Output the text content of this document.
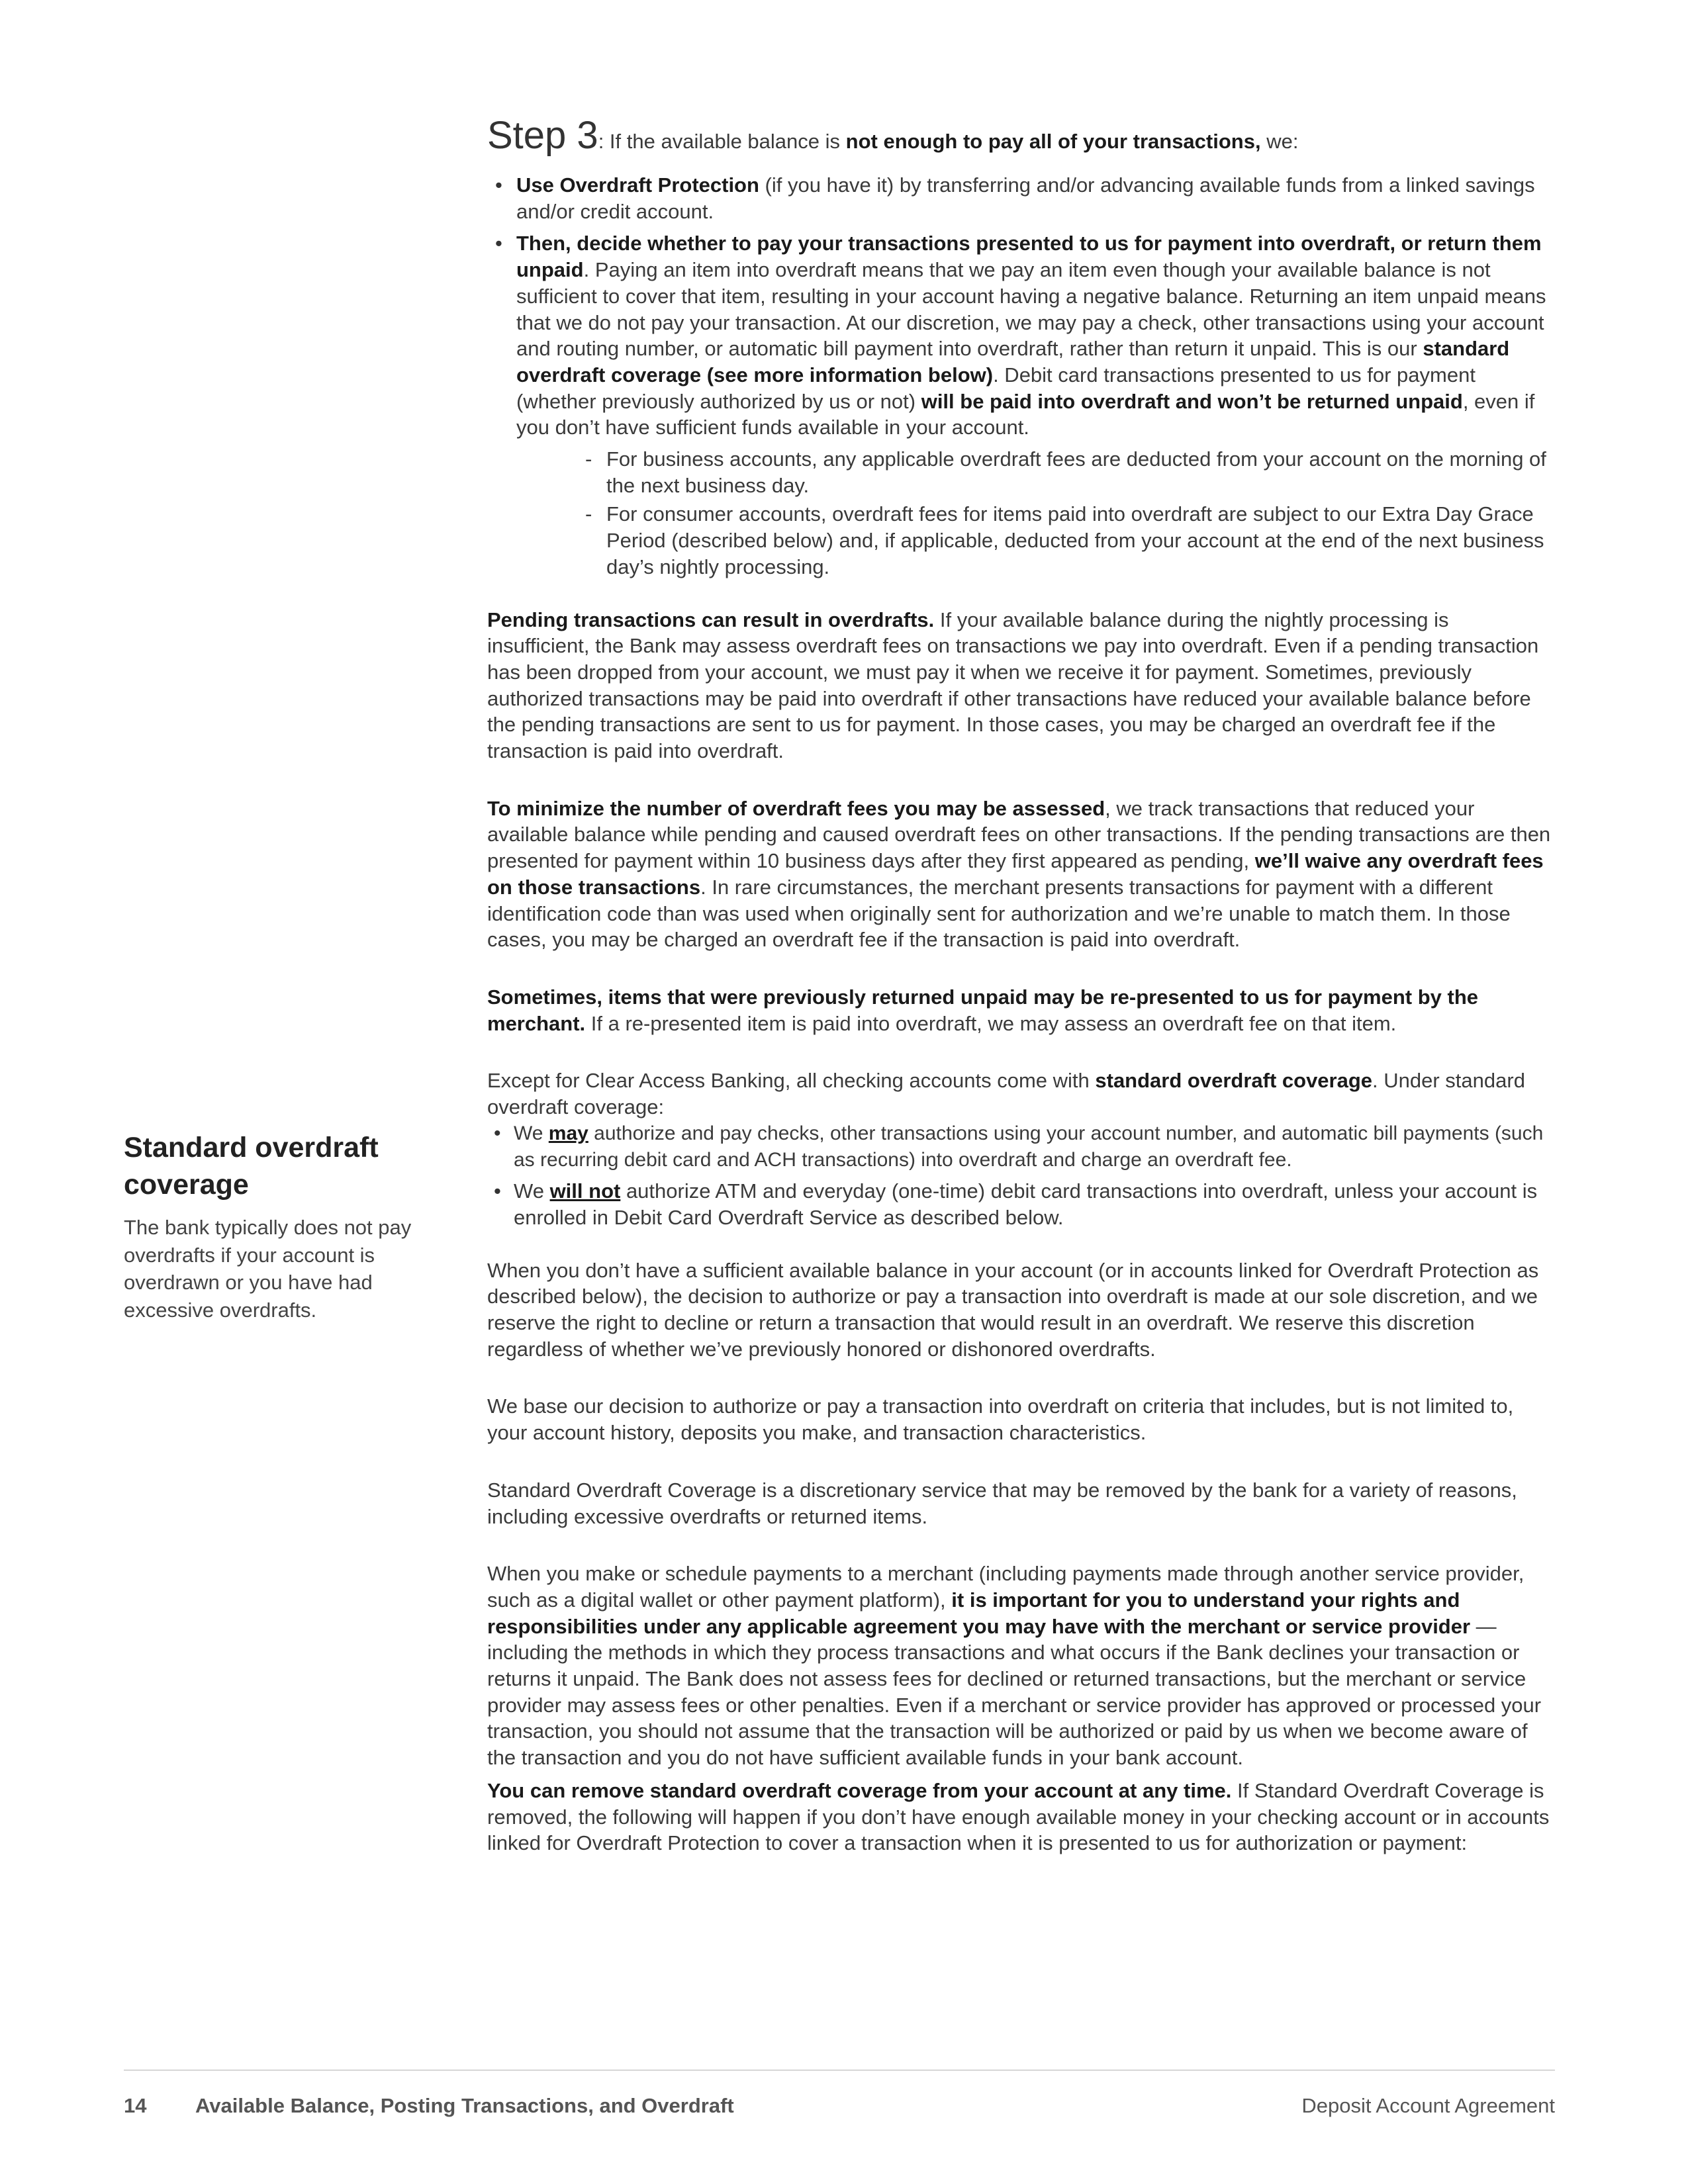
Standard overdraft coverage

The bank typically does not pay overdrafts if your account is overdrawn or you have had excessive overdrafts.

Step 3: If the available balance is not enough to pay all of your transactions, we:

• Use Overdraft Protection (if you have it) by transferring and/or advancing available funds from a linked savings and/or credit account.
• Then, decide whether to pay your transactions presented to us for payment into overdraft, or return them unpaid. Paying an item into overdraft means that we pay an item even though your available balance is not sufficient to cover that item, resulting in your account having a negative balance. Returning an item unpaid means that we do not pay your transaction. At our discretion, we may pay a check, other transactions using your account and routing number, or automatic bill payment into overdraft, rather than return it unpaid. This is our standard overdraft coverage (see more information below). Debit card transactions presented to us for payment (whether previously authorized by us or not) will be paid into overdraft and won’t be returned unpaid, even if you don’t have sufficient funds available in your account.
- For business accounts, any applicable overdraft fees are deducted from your account on the morning of the next business day.
- For consumer accounts, overdraft fees for items paid into overdraft are subject to our Extra Day Grace Period (described below) and, if applicable, deducted from your account at the end of the next business day’s nightly processing.

Pending transactions can result in overdrafts. If your available balance during the nightly processing is insufficient, the Bank may assess overdraft fees on transactions we pay into overdraft. Even if a pending transaction has been dropped from your account, we must pay it when we receive it for payment. Sometimes, previously authorized transactions may be paid into overdraft if other transactions have reduced your available balance before the pending transactions are sent to us for payment. In those cases, you may be charged an overdraft fee if the transaction is paid into overdraft.

To minimize the number of overdraft fees you may be assessed, we track transactions that reduced your available balance while pending and caused overdraft fees on other transactions. If the pending transactions are then presented for payment within 10 business days after they first appeared as pending, we’ll waive any overdraft fees on those transactions. In rare circumstances, the merchant presents transactions for payment with a different identification code than was used when originally sent for authorization and we’re unable to match them. In those cases, you may be charged an overdraft fee if the transaction is paid into overdraft.

Sometimes, items that were previously returned unpaid may be re-presented to us for payment by the merchant. If a re-presented item is paid into overdraft, we may assess an overdraft fee on that item.

Except for Clear Access Banking, all checking accounts come with standard overdraft coverage. Under standard overdraft coverage:

• We may authorize and pay checks, other transactions using your account number, and automatic bill payments (such as recurring debit card and ACH transactions) into overdraft and charge an overdraft fee.
• We will not authorize ATM and everyday (one-time) debit card transactions into overdraft, unless your account is enrolled in Debit Card Overdraft Service as described below.

When you don’t have a sufficient available balance in your account (or in accounts linked for Overdraft Protection as described below), the decision to authorize or pay a transaction into overdraft is made at our sole discretion, and we reserve the right to decline or return a transaction that would result in an overdraft. We reserve this discretion regardless of whether we’ve previously honored or dishonored overdrafts.

We base our decision to authorize or pay a transaction into overdraft on criteria that includes, but is not limited to, your account history, deposits you make, and transaction characteristics.

Standard Overdraft Coverage is a discretionary service that may be removed by the bank for a variety of reasons, including excessive overdrafts or returned items.

When you make or schedule payments to a merchant (including payments made through another service provider, such as a digital wallet or other payment platform), it is important for you to understand your rights and responsibilities under any applicable agreement you may have with the merchant or service provider — including the methods in which they process transactions and what occurs if the Bank declines your transaction or returns it unpaid. The Bank does not assess fees for declined or returned transactions, but the merchant or service provider may assess fees or other penalties. Even if a merchant or service provider has approved or processed your transaction, you should not assume that the transaction will be authorized or paid by us when we become aware of the transaction and you do not have sufficient available funds in your bank account.

You can remove standard overdraft coverage from your account at any time. If Standard Overdraft Coverage is removed, the following will happen if you don’t have enough available money in your checking account or in accounts linked for Overdraft Protection to cover a transaction when it is presented to us for authorization or payment:

14 Available Balance, Posting Transactions, and Overdraft	Deposit Account Agreement
